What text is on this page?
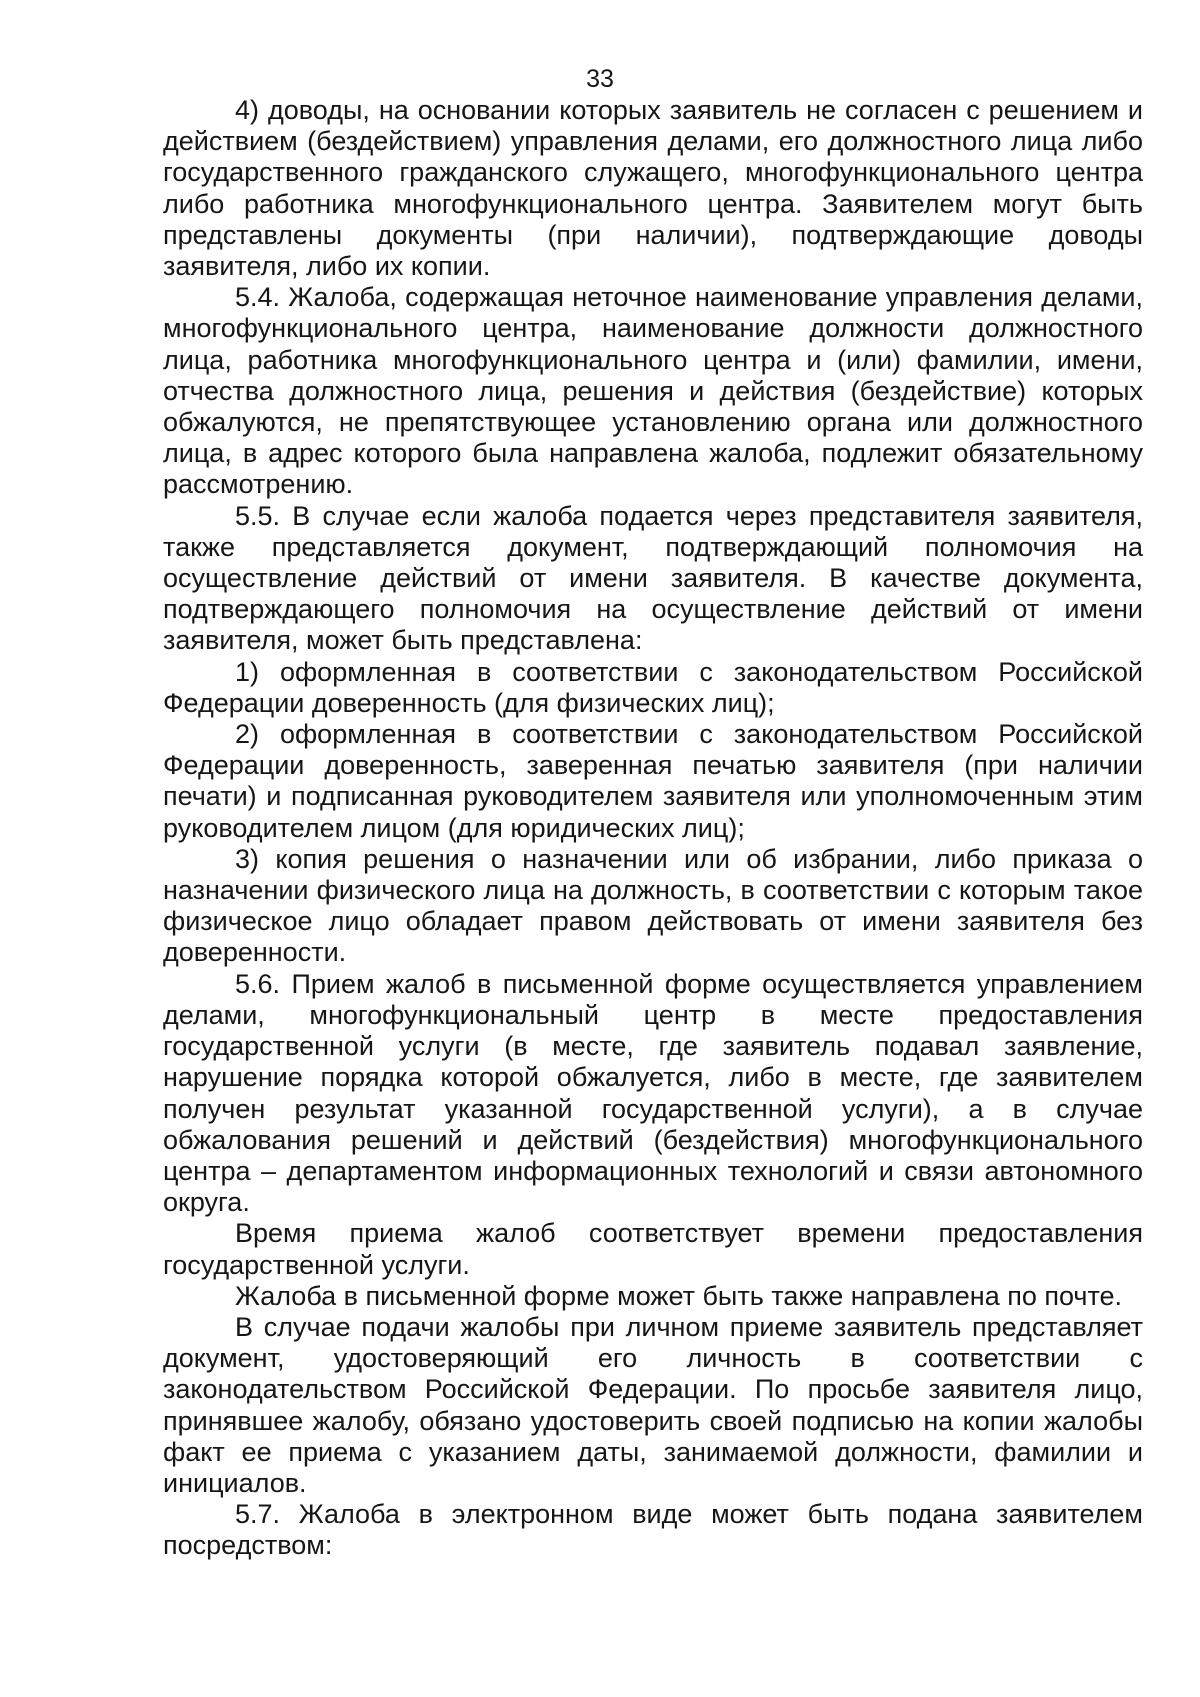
33

4) доводы, на основании которых заявитель не согласен с решением и действием (бездействием) управления делами, его должностного лица либо государственного гражданского служащего, многофункционального центра либо работника многофункционального центра. Заявителем могут быть представлены документы (при наличии), подтверждающие доводы заявителя, либо их копии.

5.4. Жалоба, содержащая неточное наименование управления делами, многофункционального центра, наименование должности должностного лица, работника многофункционального центра и (или) фамилии, имени, отчества должностного лица, решения и действия (бездействие) которых обжалуются, не препятствующее установлению органа или должностного лица, в адрес которого была направлена жалоба, подлежит обязательному рассмотрению.

5.5. В случае если жалоба подается через представителя заявителя, также представляется документ, подтверждающий полномочия на осуществление действий от имени заявителя. В качестве документа, подтверждающего полномочия на осуществление действий от имени заявителя, может быть представлена:

1) оформленная в соответствии с законодательством Российской Федерации доверенность (для физических лиц);

2) оформленная в соответствии с законодательством Российской Федерации доверенность, заверенная печатью заявителя (при наличии печати) и подписанная руководителем заявителя или уполномоченным этим руководителем лицом (для юридических лиц);

3) копия решения о назначении или об избрании, либо приказа о назначении физического лица на должность, в соответствии с которым такое физическое лицо обладает правом действовать от имени заявителя без доверенности.

5.6. Прием жалоб в письменной форме осуществляется управлением делами, многофункциональный центр в месте предоставления государственной услуги (в месте, где заявитель подавал заявление, нарушение порядка которой обжалуется, либо в месте, где заявителем получен результат указанной государственной услуги), а в случае обжалования решений и действий (бездействия) многофункционального центра – департаментом информационных технологий и связи автономного округа.

Время приема жалоб соответствует времени предоставления государственной услуги.

Жалоба в письменной форме может быть также направлена по почте.

В случае подачи жалобы при личном приеме заявитель представляет документ, удостоверяющий его личность в соответствии с законодательством Российской Федерации. По просьбе заявителя лицо, принявшее жалобу, обязано удостоверить своей подписью на копии жалобы факт ее приема с указанием даты, занимаемой должности, фамилии и инициалов.

5.7. Жалоба в электронном виде может быть подана заявителем посредством:
